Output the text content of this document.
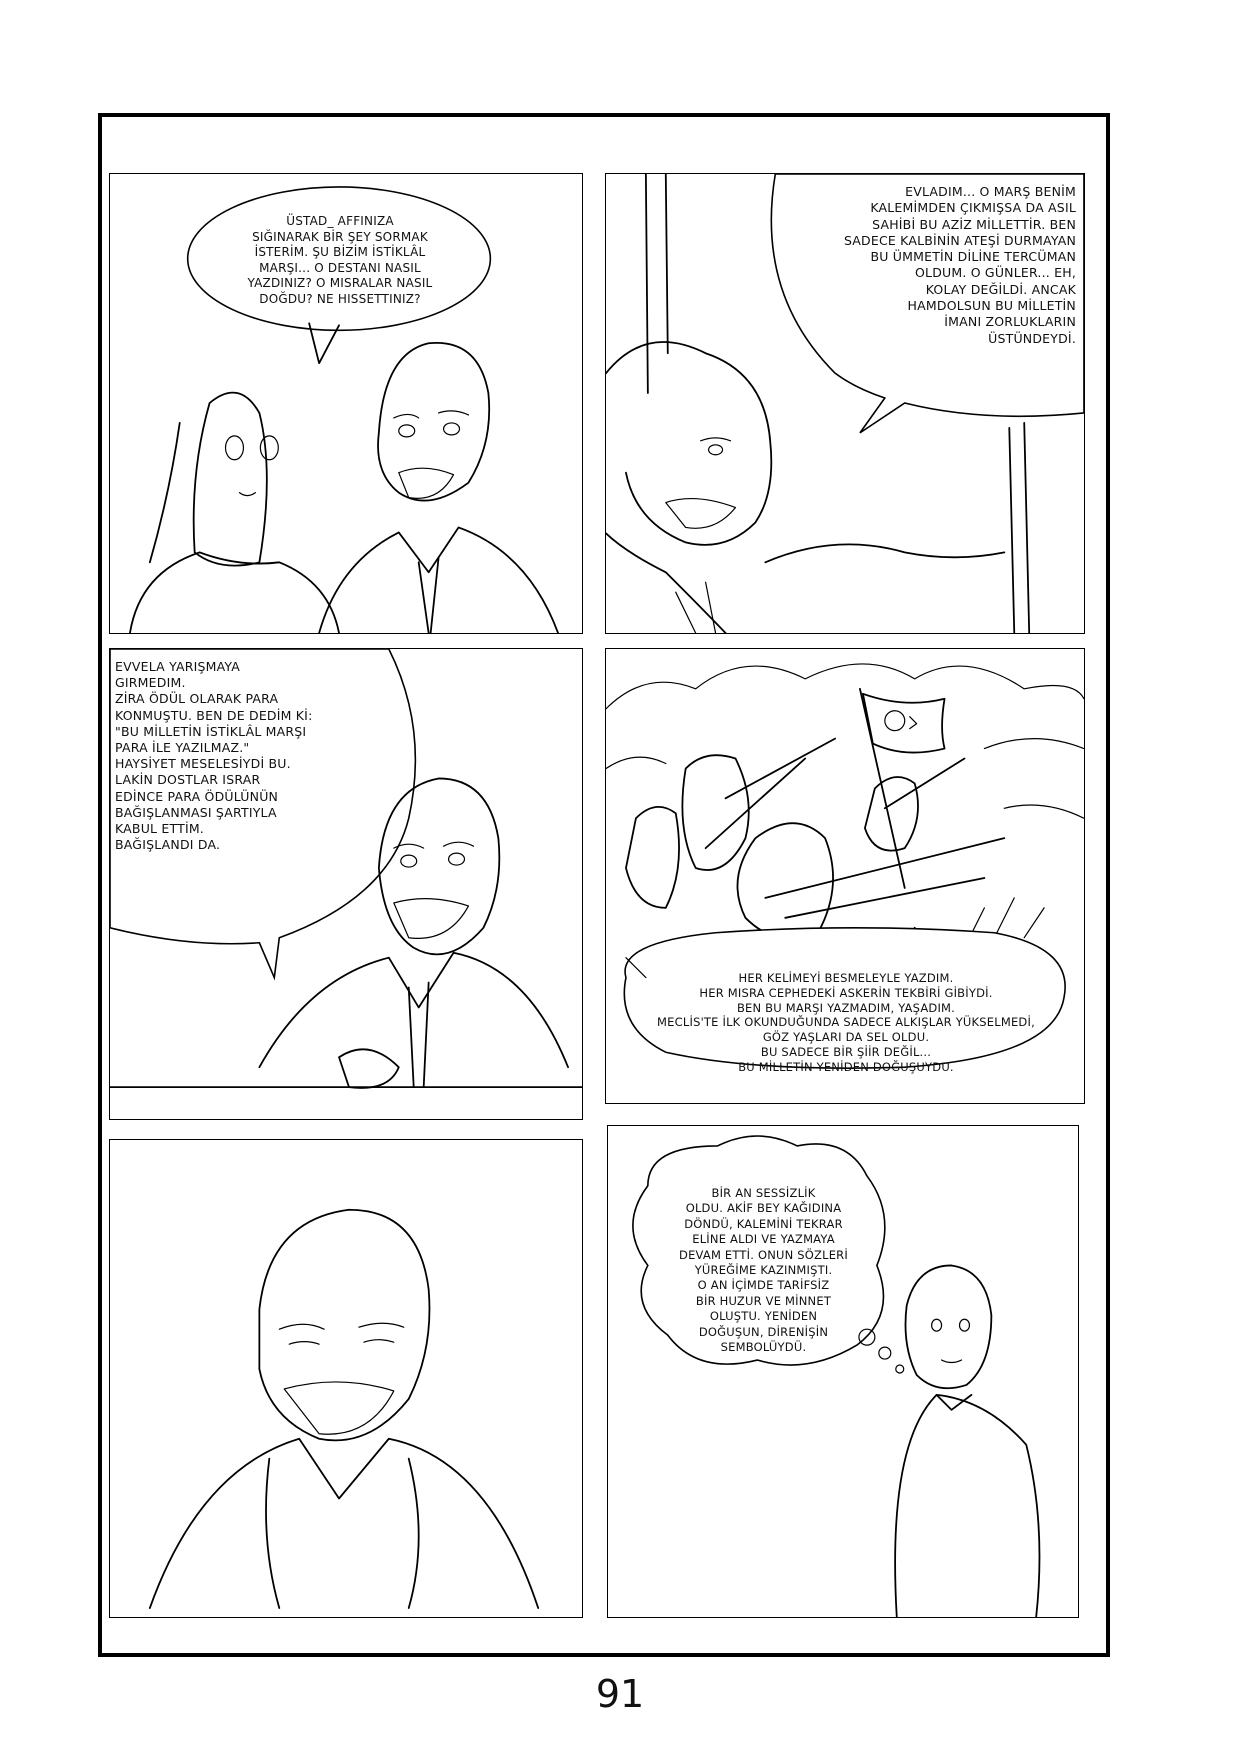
ÜSTAD_ AFFINIZA
SIĞINARAK BİR ŞEY SORMAK
İSTERİM. ŞU BİZİM İSTİKLÂL
MARŞI... O DESTANI NASIL
YAZDINIZ? O MISRALAR NASIL
DOĞDU? NE HISSETTINIZ?
EVLADIM... O MARŞ BENİM
KALEMİMDEN ÇIKMIŞSA DA ASIL
SAHİBİ BU AZİZ MİLLETTİR. BEN
SADECE KALBİNİN ATEŞİ DURMAYAN
BU ÜMMETİN DİLİNE TERCÜMAN
OLDUM. O GÜNLER... EH,
KOLAY DEĞİLDİ. ANCAK
HAMDOLSUN BU MİLLETİN
İMANI ZORLUKLARIN
ÜSTÜNDEYDİ.
EVVELA YARIŞMAYA
GIRMEDIM.
ZİRA ÖDÜL OLARAK PARA
KONMUŞTU. BEN DE DEDİM Kİ:
"BU MİLLETİN İSTİKLÂL MARŞI
PARA İLE YAZILMAZ."
HAYSİYET MESELESİYDİ BU.
LAKİN DOSTLAR ISRAR
EDİNCE PARA ÖDÜLÜNÜN
BAĞIŞLANMASI ŞARTIYLA
KABUL ETTİM.
BAĞIŞLANDI DA.
HER KELİMEYİ BESMELEYLE YAZDIM.
HER MISRA CEPHEDEKİ ASKERİN TEKBİRİ GİBİYDİ.
BEN BU MARŞI YAZMADIM, YAŞADIM.
MECLİS'TE İLK OKUNDUĞUNDA SADECE ALKIŞLAR YÜKSELMEDİ,
GÖZ YAŞLARI DA SEL OLDU.
BU SADECE BİR ŞİİR DEĞİL...
BU MİLLETİN YENİDEN DOĞUŞUYDU.
BİR AN SESSİZLİK
OLDU. AKİF BEY KAĞIDINA
DÖNDÜ, KALEMİNİ TEKRAR
ELİNE ALDI VE YAZMAYA
DEVAM ETTİ. ONUN SÖZLERİ
YÜREĞİME KAZINMIŞTI.
O AN İÇİMDE TARİFSİZ
BİR HUZUR VE MİNNET
OLUŞTU. YENİDEN
DOĞUŞUN, DİRENİŞİN
SEMBOLÜYDÜ.
91
